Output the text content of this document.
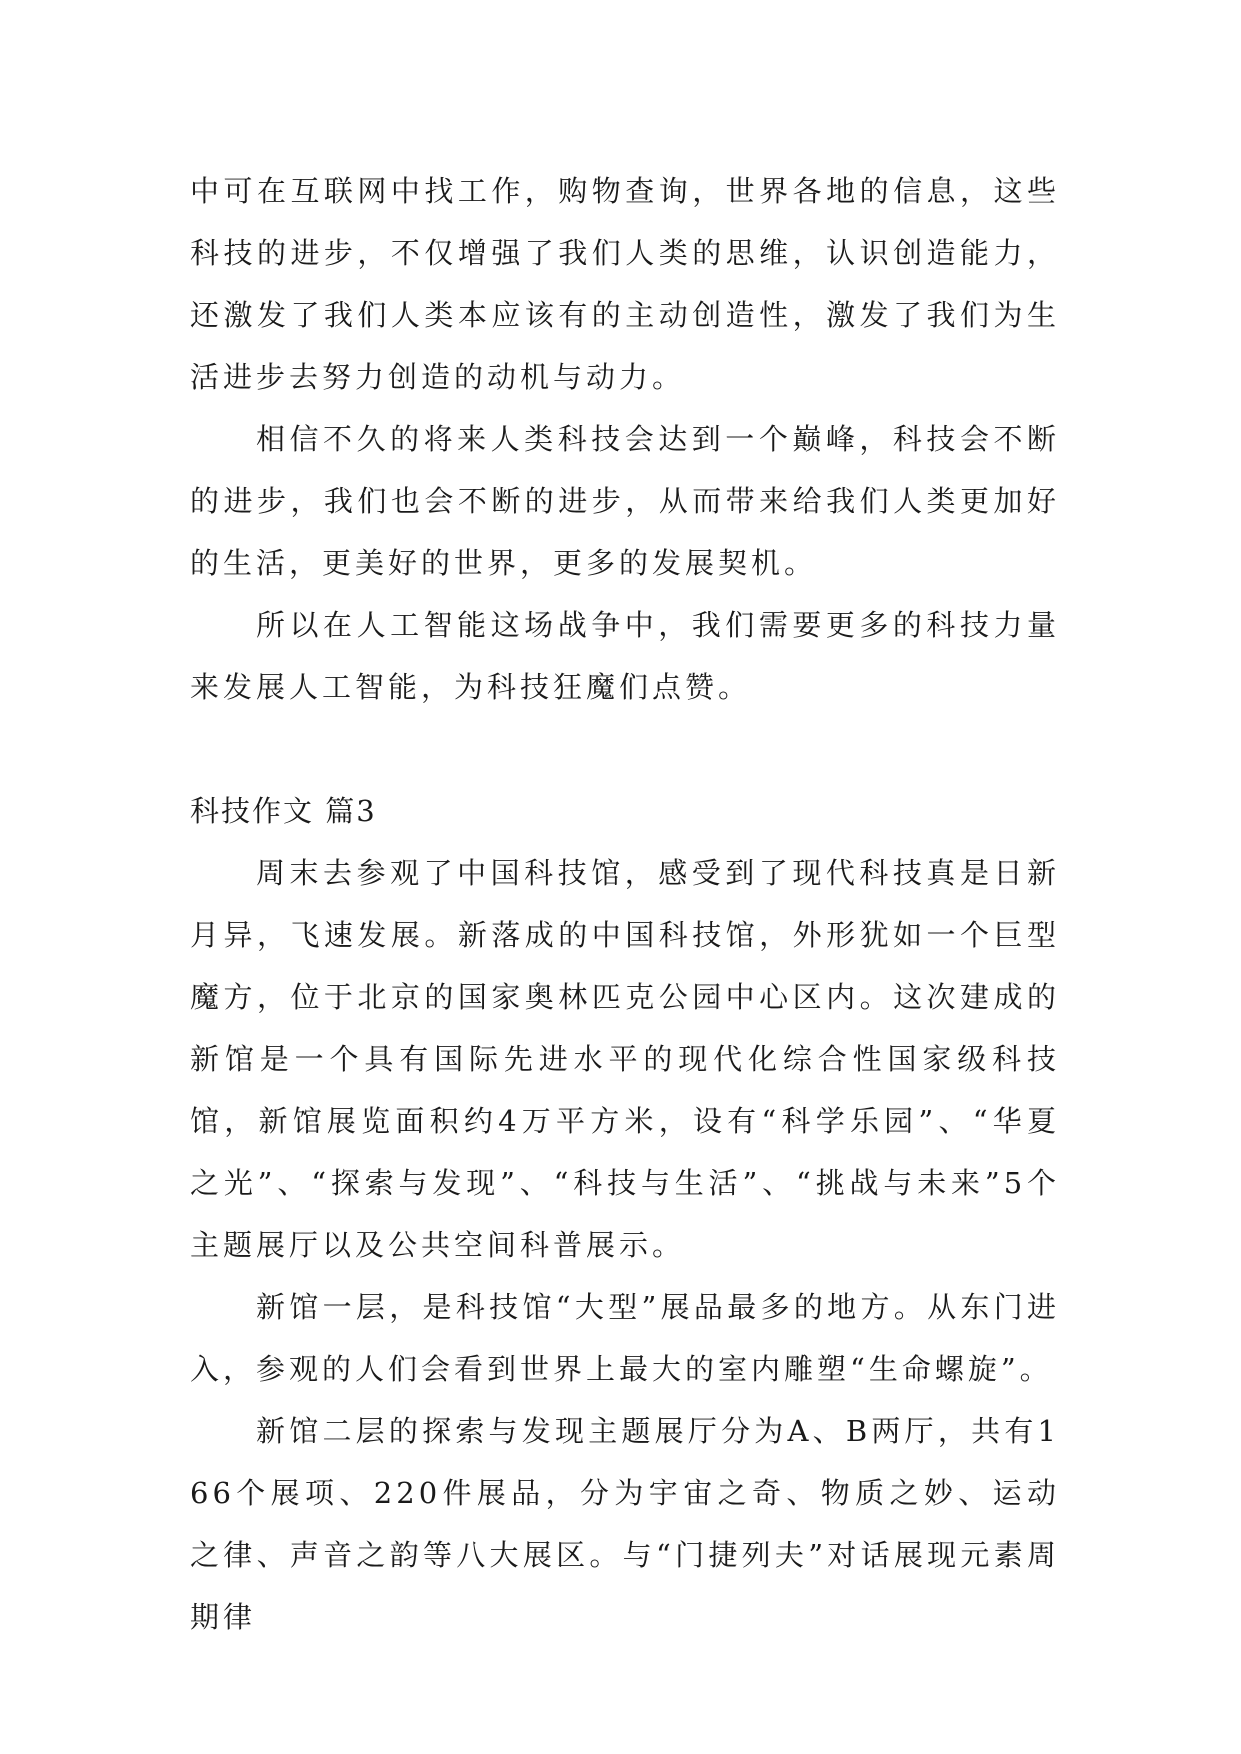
中可在互联网中找工作，购物查询，世界各地的信息，这些科技的进步，不仅增强了我们人类的思维，认识创造能力，还激发了我们人类本应该有的主动创造性，激发了我们为生活进步去努力创造的动机与动力。

相信不久的将来人类科技会达到一个巅峰，科技会不断的进步，我们也会不断的进步，从而带来给我们人类更加好的生活，更美好的世界，更多的发展契机。

所以在人工智能这场战争中，我们需要更多的科技力量来发展人工智能，为科技狂魔们点赞。

科技作文 篇3

周末去参观了中国科技馆，感受到了现代科技真是日新月异，飞速发展。新落成的中国科技馆，外形犹如一个巨型魔方，位于北京的国家奥林匹克公园中心区内。这次建成的新馆是一个具有国际先进水平的现代化综合性国家级科技馆，新馆展览面积约4万平方米，设有“科学乐园”、“华夏之光”、“探索与发现”、“科技与生活”、“挑战与未来”5个主题展厅以及公共空间科普展示。

新馆一层，是科技馆“大型”展品最多的地方。从东门进入，参观的人们会看到世界上最大的室内雕塑“生命螺旋”。

新馆二层的探索与发现主题展厅分为A、B两厅，共有166个展项、220件展品，分为宇宙之奇、物质之妙、运动之律、声音之韵等八大展区。与“门捷列夫”对话展现元素周期律
